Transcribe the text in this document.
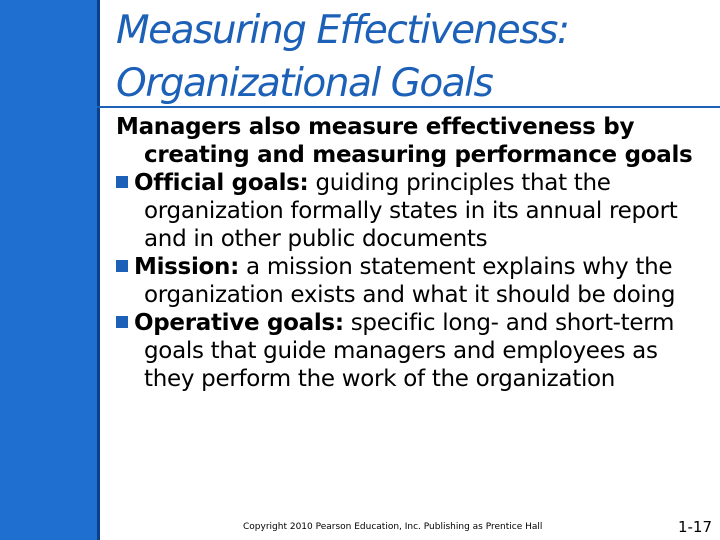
Measuring Effectiveness:
Organizational Goals

Managers also measure effectiveness by creating and measuring performance goals

Official goals: guiding principles that the organization formally states in its annual report and in other public documents

Mission: a mission statement explains why the organization exists and what it should be doing

Operative goals: specific long- and short-term goals that guide managers and employees as they perform the work of the organization

Copyright 2010 Pearson Education, Inc. Publishing as Prentice Hall	1-17
